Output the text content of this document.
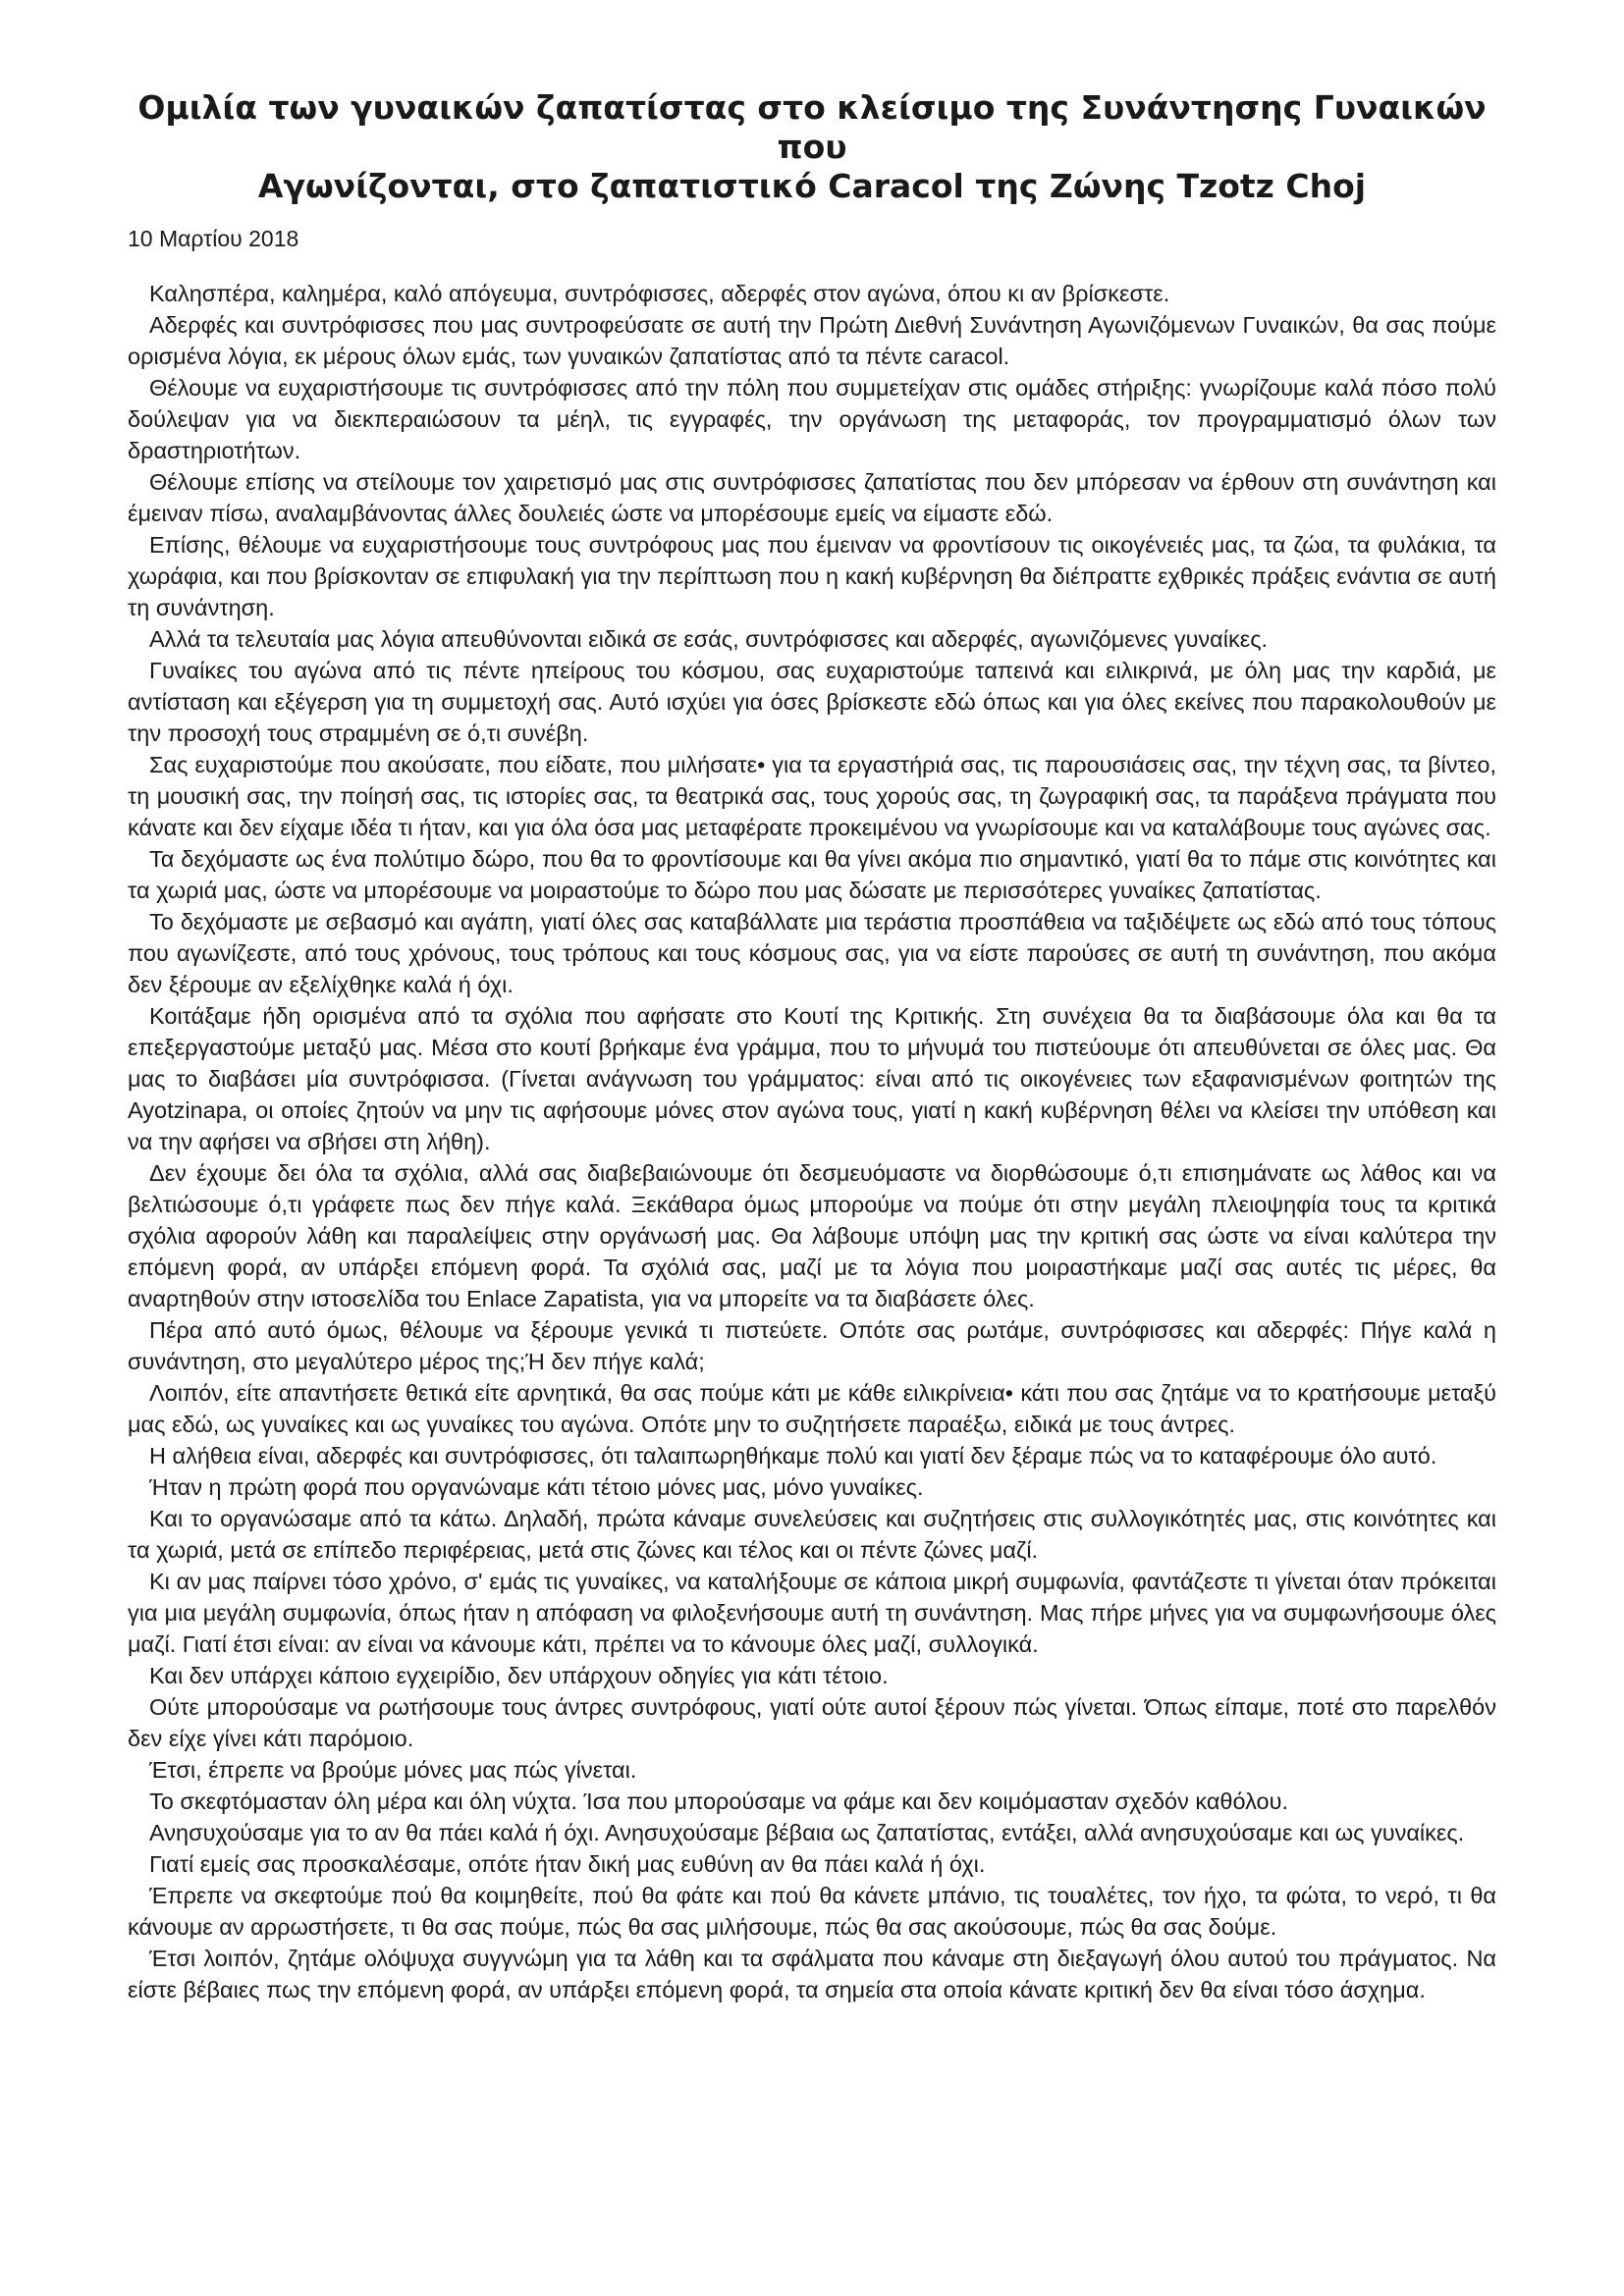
Ομιλία των γυναικών ζαπατίστας στο κλείσιμο της Συνάντησης Γυναικών που
Αγωνίζονται, στο ζαπατιστικό Caracol της Ζώνης Tzotz Choj
10 Μαρτίου 2018

Καλησπέρα, καλημέρα, καλό απόγευμα, συντρόφισσες, αδερφές στον αγώνα, όπου κι αν βρίσκεστε.

Αδερφές και συντρόφισσες που μας συντροφεύσατε σε αυτή την Πρώτη Διεθνή Συνάντηση Αγωνιζόμενων Γυναικών, θα σας πούμε ορισμένα λόγια, εκ μέρους όλων εμάς, των γυναικών ζαπατίστας από τα πέντε caracol.

Θέλουμε να ευχαριστήσουμε τις συντρόφισσες από την πόλη που συμμετείχαν στις ομάδες στήριξης: γνωρίζουμε καλά πόσο πολύ δούλεψαν για να διεκπεραιώσουν τα μέηλ, τις εγγραφές, την οργάνωση της μεταφοράς, τον προγραμματισμό όλων των δραστηριοτήτων.

Θέλουμε επίσης να στείλουμε τον χαιρετισμό μας στις συντρόφισσες ζαπατίστας που δεν μπόρεσαν να έρθουν στη συνάντηση και έμειναν πίσω, αναλαμβάνοντας άλλες δουλειές ώστε να μπορέσουμε εμείς να είμαστε εδώ.

Επίσης, θέλουμε να ευχαριστήσουμε τους συντρόφους μας που έμειναν να φροντίσουν τις οικογένειές μας, τα ζώα, τα φυλάκια, τα χωράφια, και που βρίσκονταν σε επιφυλακή για την περίπτωση που η κακή κυβέρνηση θα διέπραττε εχθρικές πράξεις ενάντια σε αυτή τη συνάντηση.

Αλλά τα τελευταία μας λόγια απευθύνονται ειδικά σε εσάς, συντρόφισσες και αδερφές, αγωνιζόμενες γυναίκες.

Γυναίκες του αγώνα από τις πέντε ηπείρους του κόσμου, σας ευχαριστούμε ταπεινά και ειλικρινά, με όλη μας την καρδιά, με αντίσταση και εξέγερση για τη συμμετοχή σας. Αυτό ισχύει για όσες βρίσκεστε εδώ όπως και για όλες εκείνες που παρακολουθούν με την προσοχή τους στραμμένη σε ό,τι συνέβη.

Σας ευχαριστούμε που ακούσατε, που είδατε, που μιλήσατε• για τα εργαστήριά σας, τις παρουσιάσεις σας, την τέχνη σας, τα βίντεο, τη μουσική σας, την ποίησή σας, τις ιστορίες σας, τα θεατρικά σας, τους χορούς σας, τη ζωγραφική σας, τα παράξενα πράγματα που κάνατε και δεν είχαμε ιδέα τι ήταν, και για όλα όσα μας μεταφέρατε προκειμένου να γνωρίσουμε και να καταλάβουμε τους αγώνες σας.

Τα δεχόμαστε ως ένα πολύτιμο δώρο, που θα το φροντίσουμε και θα γίνει ακόμα πιο σημαντικό, γιατί θα το πάμε στις κοινότητες και τα χωριά μας, ώστε να μπορέσουμε να μοιραστούμε το δώρο που μας δώσατε με περισσότερες γυναίκες ζαπατίστας.

Το δεχόμαστε με σεβασμό και αγάπη, γιατί όλες σας καταβάλλατε μια τεράστια προσπάθεια να ταξιδέψετε ως εδώ από τους τόπους που αγωνίζεστε, από τους χρόνους, τους τρόπους και τους κόσμους σας, για να είστε παρούσες σε αυτή τη συνάντηση, που ακόμα δεν ξέρουμε αν εξελίχθηκε καλά ή όχι.

Κοιτάξαμε ήδη ορισμένα από τα σχόλια που αφήσατε στο Κουτί της Κριτικής. Στη συνέχεια θα τα διαβάσουμε όλα και θα τα επεξεργαστούμε μεταξύ μας. Μέσα στο κουτί βρήκαμε ένα γράμμα, που το μήνυμά του πιστεύουμε ότι απευθύνεται σε όλες μας. Θα μας το διαβάσει μία συντρόφισσα. (Γίνεται ανάγνωση του γράμματος: είναι από τις οικογένειες των εξαφανισμένων φοιτητών της Ayotzinapa, οι οποίες ζητούν να μην τις αφήσουμε μόνες στον αγώνα τους, γιατί η κακή κυβέρνηση θέλει να κλείσει την υπόθεση και να την αφήσει να σβήσει στη λήθη).

Δεν έχουμε δει όλα τα σχόλια, αλλά σας διαβεβαιώνουμε ότι δεσμευόμαστε να διορθώσουμε ό,τι επισημάνατε ως λάθος και να βελτιώσουμε ό,τι γράφετε πως δεν πήγε καλά. Ξεκάθαρα όμως μπορούμε να πούμε ότι στην μεγάλη πλειοψηφία τους τα κριτικά σχόλια αφορούν λάθη και παραλείψεις στην οργάνωσή μας. Θα λάβουμε υπόψη μας την κριτική σας ώστε να είναι καλύτερα την επόμενη φορά, αν υπάρξει επόμενη φορά. Τα σχόλιά σας, μαζί με τα λόγια που μοιραστήκαμε μαζί σας αυτές τις μέρες, θα αναρτηθούν στην ιστοσελίδα του Enlace Zapatista, για να μπορείτε να τα διαβάσετε όλες.

Πέρα από αυτό όμως, θέλουμε να ξέρουμε γενικά τι πιστεύετε. Οπότε σας ρωτάμε, συντρόφισσες και αδερφές: Πήγε καλά η συνάντηση, στο μεγαλύτερο μέρος της;Ή δεν πήγε καλά;

Λοιπόν, είτε απαντήσετε θετικά είτε αρνητικά, θα σας πούμε κάτι με κάθε ειλικρίνεια• κάτι που σας ζητάμε να το κρατήσουμε μεταξύ μας εδώ, ως γυναίκες και ως γυναίκες του αγώνα. Οπότε μην το συζητήσετε παραέξω, ειδικά με τους άντρες.

Η αλήθεια είναι, αδερφές και συντρόφισσες, ότι ταλαιπωρηθήκαμε πολύ και γιατί δεν ξέραμε πώς να το καταφέρουμε όλο αυτό.

Ήταν η πρώτη φορά που οργανώναμε κάτι τέτοιο μόνες μας, μόνο γυναίκες.

Και το οργανώσαμε από τα κάτω. Δηλαδή, πρώτα κάναμε συνελεύσεις και συζητήσεις στις συλλογικότητές μας, στις κοινότητες και τα χωριά, μετά σε επίπεδο περιφέρειας, μετά στις ζώνες και τέλος και οι πέντε ζώνες μαζί.

Κι αν μας παίρνει τόσο χρόνο, σ' εμάς τις γυναίκες, να καταλήξουμε σε κάποια μικρή συμφωνία, φαντάζεστε τι γίνεται όταν πρόκειται για μια μεγάλη συμφωνία, όπως ήταν η απόφαση να φιλοξενήσουμε αυτή τη συνάντηση. Μας πήρε μήνες για να συμφωνήσουμε όλες μαζί. Γιατί έτσι είναι: αν είναι να κάνουμε κάτι, πρέπει να το κάνουμε όλες μαζί, συλλογικά.

Και δεν υπάρχει κάποιο εγχειρίδιο, δεν υπάρχουν οδηγίες για κάτι τέτοιο.

Ούτε μπορούσαμε να ρωτήσουμε τους άντρες συντρόφους, γιατί ούτε αυτοί ξέρουν πώς γίνεται. Όπως είπαμε, ποτέ στο παρελθόν δεν είχε γίνει κάτι παρόμοιο.

Έτσι, έπρεπε να βρούμε μόνες μας πώς γίνεται.

Το σκεφτόμασταν όλη μέρα και όλη νύχτα. Ίσα που μπορούσαμε να φάμε και δεν κοιμόμασταν σχεδόν καθόλου.

Ανησυχούσαμε για το αν θα πάει καλά ή όχι. Ανησυχούσαμε βέβαια ως ζαπατίστας, εντάξει, αλλά ανησυχούσαμε και ως γυναίκες.

Γιατί εμείς σας προσκαλέσαμε, οπότε ήταν δική μας ευθύνη αν θα πάει καλά ή όχι.

Έπρεπε να σκεφτούμε πού θα κοιμηθείτε, πού θα φάτε και πού θα κάνετε μπάνιο, τις τουαλέτες, τον ήχο, τα φώτα, το νερό, τι θα κάνουμε αν αρρωστήσετε, τι θα σας πούμε, πώς θα σας μιλήσουμε, πώς θα σας ακούσουμε, πώς θα σας δούμε.

Έτσι λοιπόν, ζητάμε ολόψυχα συγγνώμη για τα λάθη και τα σφάλματα που κάναμε στη διεξαγωγή όλου αυτού του πράγματος. Να είστε βέβαιες πως την επόμενη φορά, αν υπάρξει επόμενη φορά, τα σημεία στα οποία κάνατε κριτική δεν θα είναι τόσο άσχημα.
